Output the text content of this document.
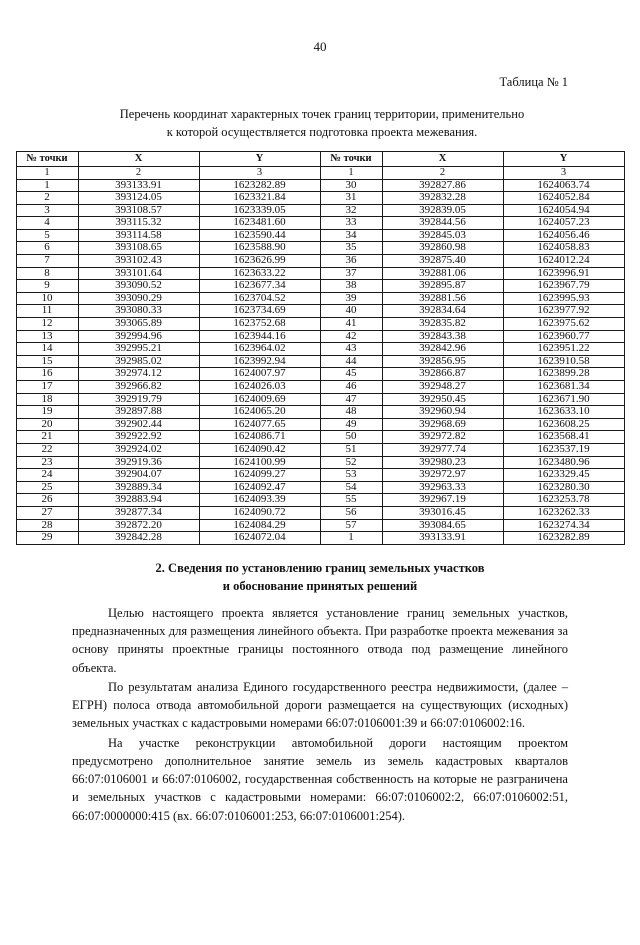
40
Таблица № 1
Перечень координат характерных точек границ территории, применительно
к которой осуществляется подготовка проекта межевания.
№ точки	X	Y	№ точки	X	Y
1	2	3	1	2	3
1	393133.91	1623282.89	30	392827.86	1624063.74
2	393124.05	1623321.84	31	392832.28	1624052.84
3	393108.57	1623339.05	32	392839.05	1624054.94
4	393115.32	1623481.60	33	392844.56	1624057.23
5	393114.58	1623590.44	34	392845.03	1624056.46
6	393108.65	1623588.90	35	392860.98	1624058.83
7	393102.43	1623626.99	36	392875.40	1624012.24
8	393101.64	1623633.22	37	392881.06	1623996.91
9	393090.52	1623677.34	38	392895.87	1623967.79
10	393090.29	1623704.52	39	392881.56	1623995.93
11	393080.33	1623734.69	40	392834.64	1623977.92
12	393065.89	1623752.68	41	392835.82	1623975.62
13	392994.96	1623944.16	42	392843.38	1623960.77
14	392995.21	1623964.02	43	392842.96	1623951.22
15	392985.02	1623992.94	44	392856.95	1623910.58
16	392974.12	1624007.97	45	392866.87	1623899.28
17	392966.82	1624026.03	46	392948.27	1623681.34
18	392919.79	1624009.69	47	392950.45	1623671.90
19	392897.88	1624065.20	48	392960.94	1623633.10
20	392902.44	1624077.65	49	392968.69	1623608.25
21	392922.92	1624086.71	50	392972.82	1623568.41
22	392924.02	1624090.42	51	392977.74	1623537.19
23	392919.36	1624100.99	52	392980.23	1623480.96
24	392904.07	1624099.27	53	392972.97	1623329.45
25	392889.34	1624092.47	54	392963.33	1623280.30
26	392883.94	1624093.39	55	392967.19	1623253.78
27	392877.34	1624090.72	56	393016.45	1623262.33
28	392872.20	1624084.29	57	393084.65	1623274.34
29	392842.28	1624072.04	1	393133.91	1623282.89
2. Сведения по установлению границ земельных участков
и обоснование принятых решений

Целью настоящего проекта является установление границ земельных участков, предназначенных для размещения линейного объекта. При разработке проекта межевания за основу приняты проектные границы постоянного отвода под размещение линейного объекта.

По результатам анализа Единого государственного реестра недвижимости, (далее – ЕГРН) полоса отвода автомобильной дороги размещается на существующих (исходных) земельных участках с кадастровыми номерами 66:07:0106001:39 и 66:07:0106002:16.

На участке реконструкции автомобильной дороги настоящим проектом предусмотрено дополнительное занятие земель из земель кадастровых кварталов 66:07:0106001 и 66:07:0106002, государственная собственность на которые не разграничена и земельных участков с кадастровыми номерами: 66:07:0106002:2, 66:07:0106002:51, 66:07:0000000:415 (вх. 66:07:0106001:253, 66:07:0106001:254).
